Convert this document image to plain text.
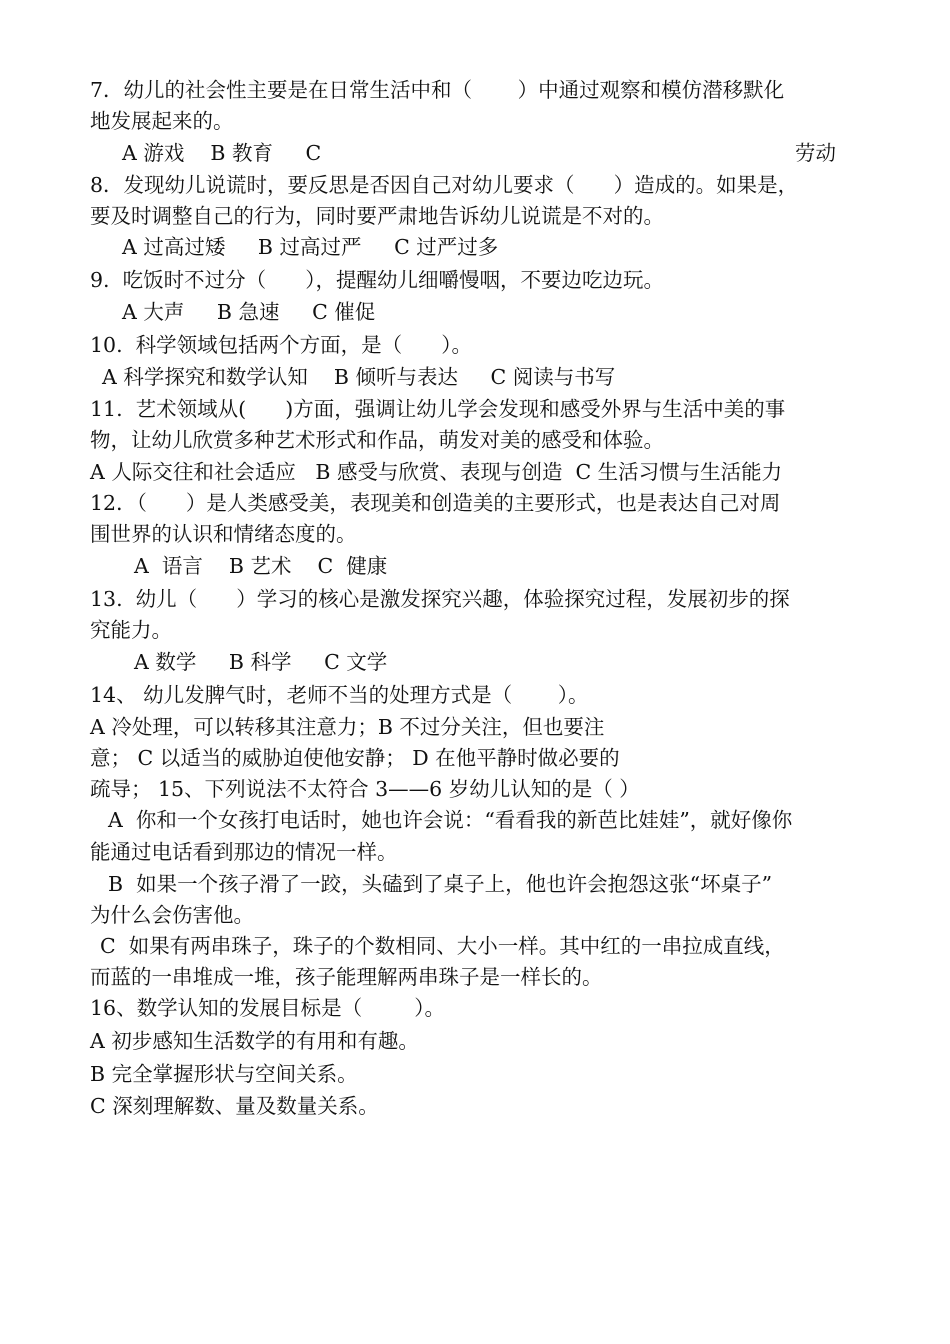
7．幼儿的社会性主要是在日常生活中和（       ）中通过观察和模仿潜移默化
地发展起来的。
A 游戏    B 教育     C	劳动
8．发现幼儿说谎时，要反思是否因自己对幼儿要求（      ）造成的。如果是，
要及时调整自己的行为，同时要严肃地告诉幼儿说谎是不对的。
A 过高过矮     B 过高过严     C 过严过多
9.  吃饭时不过分（      ），提醒幼儿细嚼慢咽，不要边吃边玩。
A 大声     B 急速     C 催促
10.  科学领域包括两个方面，是（      ）。
A 科学探究和数学认知    B 倾听与表达     C 阅读与书写
11.  艺术领域从(      )方面，强调让幼儿学会发现和感受外界与生活中美的事
物，让幼儿欣赏多种艺术形式和作品，萌发对美的感受和体验。
A 人际交往和社会适应   B 感受与欣赏、表现与创造  C 生活习惯与生活能力
12．（      ）是人类感受美，表现美和创造美的主要形式，也是表达自己对周
围世界的认识和情绪态度的。
A  语言    B 艺术    C  健康
13.  幼儿（      ）学习的核心是激发探究兴趣，体验探究过程，发展初步的探
究能力。
A 数学     B 科学     C 文学
14、 幼儿发脾气时，老师不当的处理方式是（       ）。
A 冷处理，可以转移其注意力；B 不过分关注，但也要注
意； C 以适当的威胁迫使他安静； D 在他平静时做必要的
疏导； 15、下列说法不太符合 3——6 岁幼儿认知的是（ ）
A  你和一个女孩打电话时，她也许会说：“看看我的新芭比娃娃”，就好像你
能通过电话看到那边的情况一样。
B  如果一个孩子滑了一跤，头磕到了桌子上，他也许会抱怨这张“坏桌子”
为什么会伤害他。
C  如果有两串珠子，珠子的个数相同、大小一样。其中红的一串拉成直线，
而蓝的一串堆成一堆，孩子能理解两串珠子是一样长的。
16、数学认知的发展目标是（        ）。
A 初步感知生活数学的有用和有趣。
B 完全掌握形状与空间关系。
C 深刻理解数、量及数量关系。
